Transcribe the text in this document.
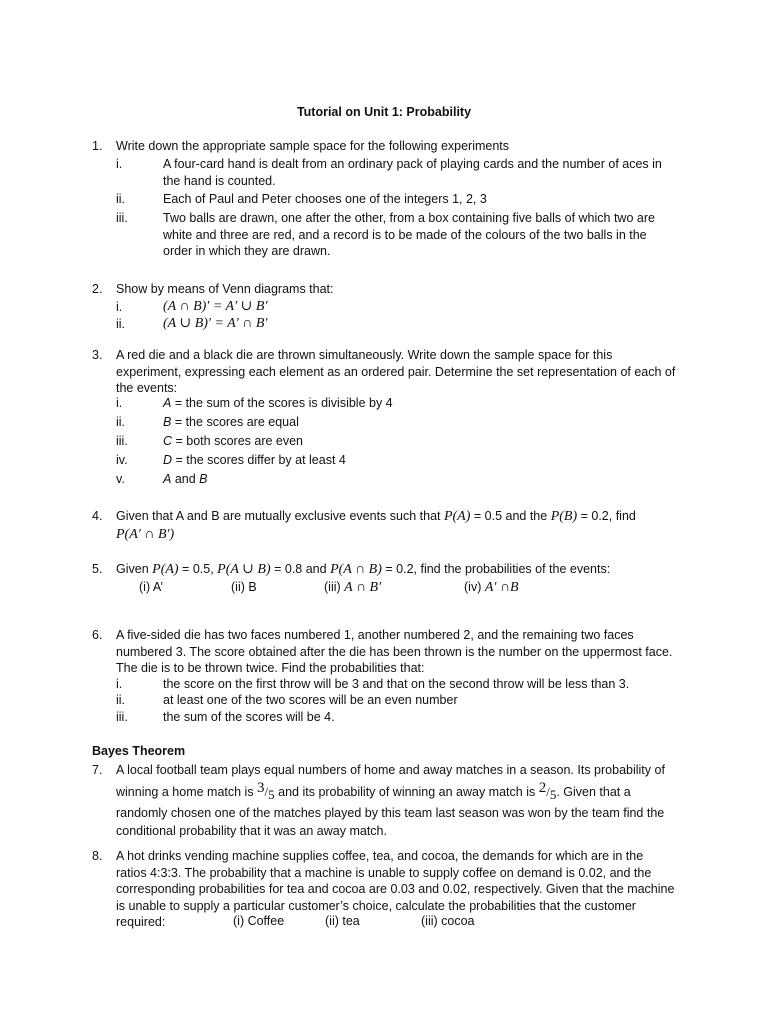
Tutorial on Unit 1: Probability
1. Write down the appropriate sample space for the following experiments
i.	A four-card hand is dealt from an ordinary pack of playing cards and the number of aces in the hand is counted.
ii.	Each of Paul and Peter chooses one of the integers 1, 2, 3
iii.	Two balls are drawn, one after the other, from a box containing five balls of which two are white and three are red, and a record is to be made of the colours of the two balls in the order in which they are drawn.
2. Show by means of Venn diagrams that:
i.	(A ∩ B)′ = A′ ∪ B′
ii.	(A ∪ B)′ = A′ ∩ B′
3. A red die and a black die are thrown simultaneously. Write down the sample space for this experiment, expressing each element as an ordered pair. Determine the set representation of each of the events:
i.	A = the sum of the scores is divisible by 4
ii.	B = the scores are equal
iii.	C = both scores are even
iv.	D = the scores differ by at least 4
v.	A and B
4. Given that A and B are mutually exclusive events such that P(A) = 0.5 and the P(B) = 0.2, find
P(A′ ∩ B′)
5. Given P(A) = 0.5, P(A ∪ B) = 0.8 and P(A ∩ B) = 0.2, find the probabilities of the events:
(i) A’	(ii) B	(iii) A ∩ B′	(iv) A′ ∩B
6. A five-sided die has two faces numbered 1, another numbered 2, and the remaining two faces numbered 3. The score obtained after the die has been thrown is the number on the uppermost face. The die is to be thrown twice. Find the probabilities that:
i.	the score on the first throw will be 3 and that on the second throw will be less than 3.
ii.	at least one of the two scores will be an even number
iii.	the sum of the scores will be 4.
Bayes Theorem
7. A local football team plays equal numbers of home and away matches in a season. Its probability of winning a home match is $^3/_5$ and its probability of winning an away match is $^2/_5$. Given that a randomly chosen one of the matches played by this team last season was won by the team find the conditional probability that it was an away match.
8. A hot drinks vending machine supplies coffee, tea, and cocoa, the demands for which are in the ratios 4:3:3. The probability that a machine is unable to supply coffee on demand is 0.02, and the corresponding probabilities for tea and cocoa are 0.03 and 0.02, respectively. Given that the machine is unable to supply a particular customer’s choice, calculate the probabilities that the customer required:	(i) Coffee	(ii) tea	(iii) cocoa
